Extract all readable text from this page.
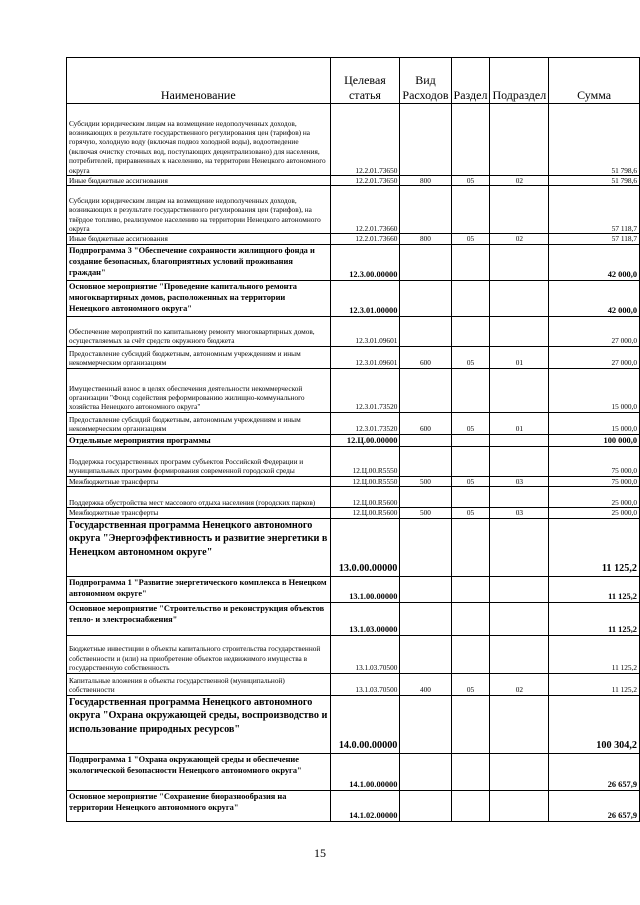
Наименование	Целевая статья	Вид Расходов	Раздел	Подраздел	Сумма
Субсидии юридическим лицам на возмещение недополученных доходов, возникающих в результате государственного регулирования цен (тарифов) на горячую, холодную воду (включая подвоз холодной воды), водоотведение (включая очистку сточных вод, поступающих децентрализовано) для населения, потребителей, приравненных к населению, на территории Ненецкого автономного округа	12.2.01.73650				51 798,6
Иные бюджетные ассигнования	12.2.01.73650	800	05	02	51 798,6
Субсидии юридическим лицам на возмещение недополученных доходов, возникающих в результате государственного регулирования цен (тарифов), на твёрдое топливо, реализуемое населению на территории Ненецкого автономного округа	12.2.01.73660				57 118,7
Иные бюджетные ассигнования	12.2.01.73660	800	05	02	57 118,7
Подпрограмма 3 "Обеспечение сохранности жилищного фонда и создание безопасных, благоприятных условий проживания граждан"	12.3.00.00000				42 000,0
Основное мероприятие "Проведение капитального ремонта многоквартирных домов, расположенных на территории Ненецкого автономного округа"	12.3.01.00000				42 000,0
Обеспечение мероприятий по капитальному ремонту многоквартирных домов, осуществляемых за счёт средств окружного бюджета	12.3.01.09601				27 000,0
Предоставление субсидий бюджетным, автономным учреждениям и иным некоммерческим организациям	12.3.01.09601	600	05	01	27 000,0
Имущественный взнос в целях обеспечения деятельности некоммерческой организации "Фонд содействия реформированию жилищно-коммунального хозяйства Ненецкого автономного округа"	12.3.01.73520				15 000,0
Предоставление субсидий бюджетным, автономным учреждениям и иным некоммерческим организациям	12.3.01.73520	600	05	01	15 000,0
Отдельные мероприятия программы	12.Ц.00.00000				100 000,0
Поддержка государственных программ субъектов Российской Федерации и муниципальных программ формирования современной городской среды	12.Ц.00.R5550				75 000,0
Межбюджетные трансферты	12.Ц.00.R5550	500	05	03	75 000,0
Поддержка обустройства мест массового отдыха населения (городских парков)	12.Ц.00.R5600				25 000,0
Межбюджетные трансферты	12.Ц.00.R5600	500	05	03	25 000,0
Государственная программа Ненецкого автономного округа "Энергоэффективность и развитие энергетики в Ненецком автономном округе"	13.0.00.00000				11 125,2
Подпрограмма 1 "Развитие энергетического комплекса в Ненецком автономном округе"	13.1.00.00000				11 125,2
Основное мероприятие "Строительство и реконструкция объектов тепло- и электроснабжения"	13.1.03.00000				11 125,2
Бюджетные инвестиции в объекты капитального строительства государственной собственности и (или) на приобретение объектов недвижимого имущества в государственную собственность	13.1.03.70500				11 125,2
Капитальные вложения в объекты государственной (муниципальной) собственности	13.1.03.70500	400	05	02	11 125,2
Государственная программа Ненецкого автономного округа "Охрана окружающей среды, воспроизводство и использование природных ресурсов"	14.0.00.00000				100 304,2
Подпрограмма 1 "Охрана окружающей среды и обеспечение экологической безопасности Ненецкого автономного округа"	14.1.00.00000				26 657,9
Основное мероприятие "Сохранение биоразнообразия на территории Ненецкого автономного округа"	14.1.02.00000				26 657,9
15
